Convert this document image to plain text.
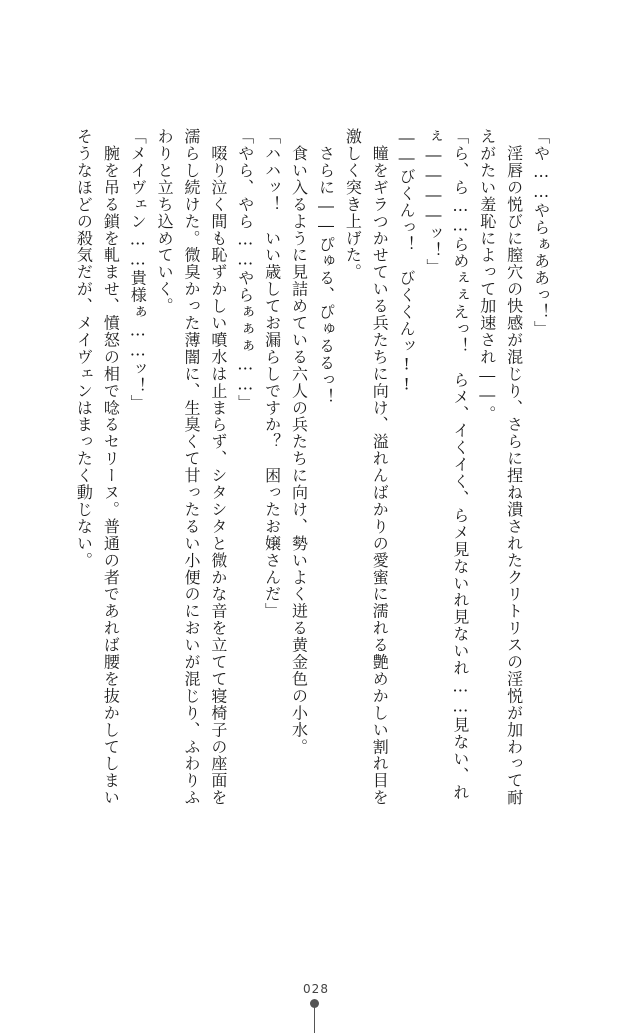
「や……やらぁああっ！」
　淫唇の悦びに膣穴の快感が混じり、さらに捏ね潰されたクリトリスの淫悦が加わって耐
えがたい羞恥によって加速され――。
「ら、ら……らめぇぇえっ！　らメ、イくイく、らメ見ないれ見ないれ……見ない、れ
ぇ――――ッ！」
――びくんっ！　びくくんッ!!
　瞳をギラつかせている兵たちに向け、溢れんばかりの愛蜜に濡れる艶めかしい割れ目を
激しく突き上げた。
　さらに――ぴゅる、ぴゅるるっ！
　食い入るように見詰めている六人の兵たちに向け、勢いよく迸る黄金色の小水。
「ハハッ！　いい歳してお漏らしですか？　困ったお嬢さんだ」
「やら、やら……やらぁぁぁ……」
　啜り泣く間も恥ずかしい噴水は止まらず、シタシタと微かな音を立てて寝椅子の座面を
濡らし続けた。微臭かった薄闇に、生臭くて甘ったるい小便のにおいが混じり、ふわりふ
わりと立ち込めていく。
「メイヴェン……貴様ぁ……ッ！」
　腕を吊る鎖を軋ませ、憤怒の相で唸るセリーヌ。普通の者であれば腰を抜かしてしまい
そうなほどの殺気だが、メイヴェンはまったく動じない。
028
